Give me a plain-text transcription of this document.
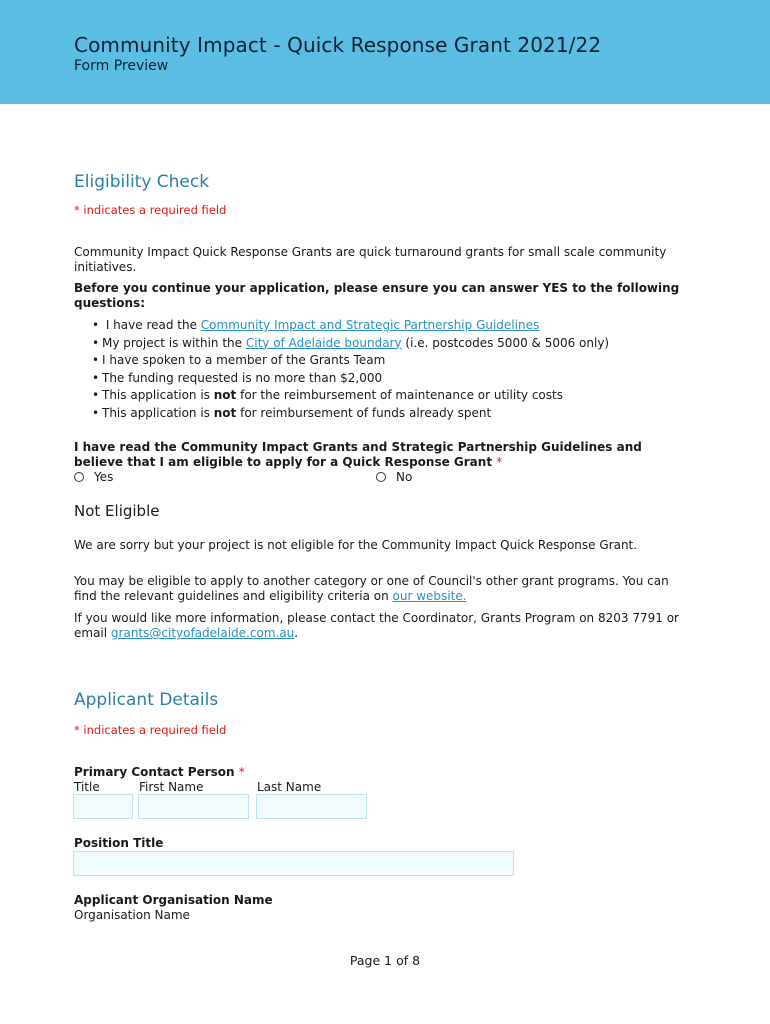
Community Impact - Quick Response Grant 2021/22
Form Preview
Eligibility Check
* indicates a required field
Community Impact Quick Response Grants are quick turnaround grants for small scale community initiatives.
Before you continue your application, please ensure you can answer YES to the following questions:
• I have read the Community Impact and Strategic Partnership Guidelines
• My project is within the City of Adelaide boundary (i.e. postcodes 5000 & 5006 only)
• I have spoken to a member of the Grants Team
• The funding requested is no more than $2,000
• This application is not for the reimbursement of maintenance or utility costs
• This application is not for reimbursement of funds already spent
I have read the Community Impact Grants and Strategic Partnership Guidelines and believe that I am eligible to apply for a Quick Response Grant *
Yes	No
Not Eligible
We are sorry but your project is not eligible for the Community Impact Quick Response Grant.
You may be eligible to apply to another category or one of Council's other grant programs. You can find the relevant guidelines and eligibility criteria on our website.
If you would like more information, please contact the Coordinator, Grants Program on 8203 7791 or email grants@cityofadelaide.com.au.
Applicant Details
* indicates a required field
Primary Contact Person *
Title	First Name	Last Name
Position Title
Applicant Organisation Name
Organisation Name
Page 1 of 8
